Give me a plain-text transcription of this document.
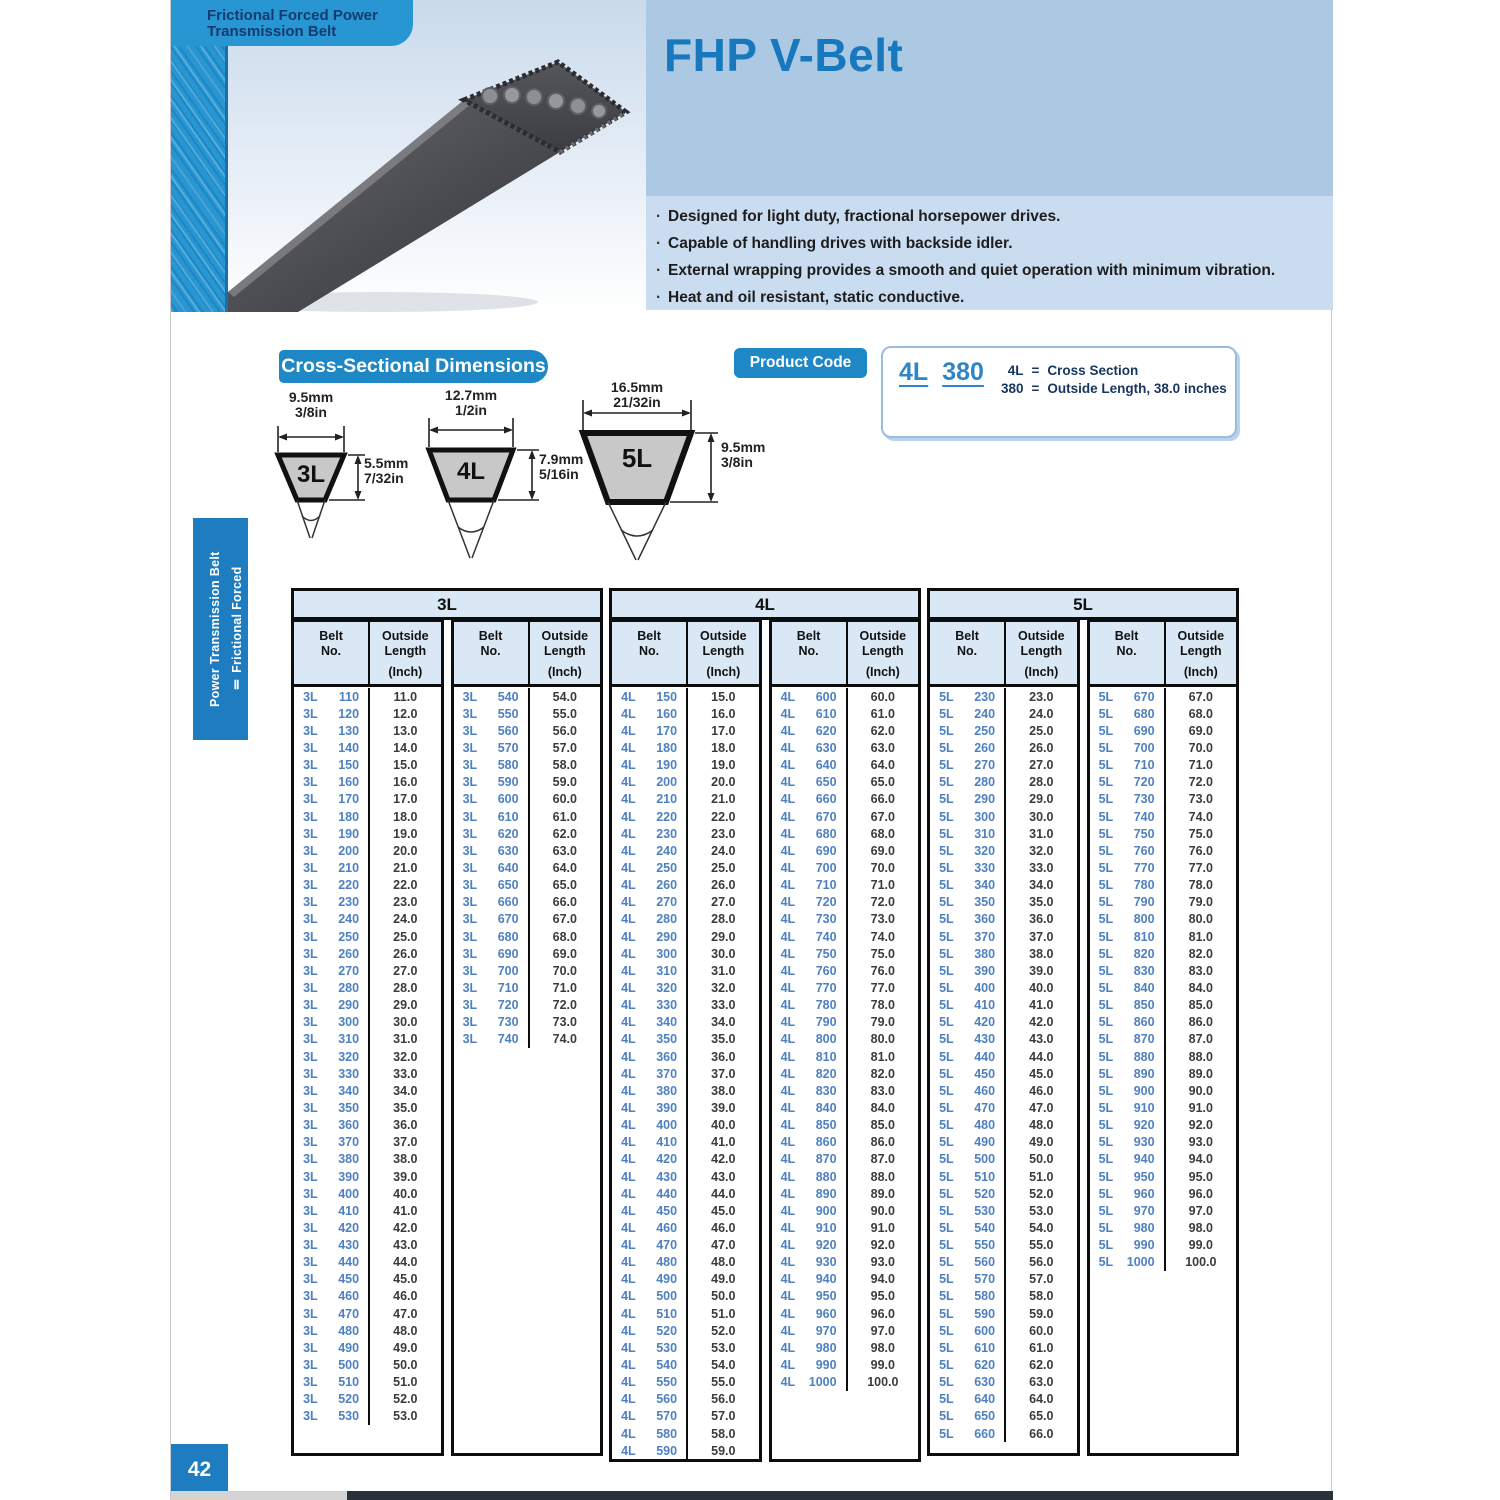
Frictional Forced Power
Transmission Belt	FHP V-Belt
· Designed for light duty, fractional horsepower drives.
· Capable of handling drives with backside idler.
· External wrapping provides a smooth and quiet operation with minimum vibration.
· Heat and oil resistant, static conductive.
Cross-Sectional Dimensions	Product Code	4L 380	4L = Cross Section
380 = Outside Length, 38.0 inches
9.5mm
3/8in
5.5mm
7/32in
3L
12.7mm
1/2in
7.9mm
5/16in
4L
16.5mm
21/32in
9.5mm
3/8in
5L
3L
Belt
No.
Outside
Length
(Inch)
3L	110	11.0
3L	120	12.0
3L	130	13.0
3L	140	14.0
3L	150	15.0
3L	160	16.0
3L	170	17.0
3L	180	18.0
3L	190	19.0
3L	200	20.0
3L	210	21.0
3L	220	22.0
3L	230	23.0
3L	240	24.0
3L	250	25.0
3L	260	26.0
3L	270	27.0
3L	280	28.0
3L	290	29.0
3L	300	30.0
3L	310	31.0
3L	320	32.0
3L	330	33.0
3L	340	34.0
3L	350	35.0
3L	360	36.0
3L	370	37.0
3L	380	38.0
3L	390	39.0
3L	400	40.0
3L	410	41.0
3L	420	42.0
3L	430	43.0
3L	440	44.0
3L	450	45.0
3L	460	46.0
3L	470	47.0
3L	480	48.0
3L	490	49.0
3L	500	50.0
3L	510	51.0
3L	520	52.0
3L	530	53.0
Belt
No.
Outside
Length
(Inch)
3L	540	54.0
3L	550	55.0
3L	560	56.0
3L	570	57.0
3L	580	58.0
3L	590	59.0
3L	600	60.0
3L	610	61.0
3L	620	62.0
3L	630	63.0
3L	640	64.0
3L	650	65.0
3L	660	66.0
3L	670	67.0
3L	680	68.0
3L	690	69.0
3L	700	70.0
3L	710	71.0
3L	720	72.0
3L	730	73.0
3L	740	74.0
4L
Belt
No.
Outside
Length
(Inch)
4L	150	15.0
4L	160	16.0
4L	170	17.0
4L	180	18.0
4L	190	19.0
4L	200	20.0
4L	210	21.0
4L	220	22.0
4L	230	23.0
4L	240	24.0
4L	250	25.0
4L	260	26.0
4L	270	27.0
4L	280	28.0
4L	290	29.0
4L	300	30.0
4L	310	31.0
4L	320	32.0
4L	330	33.0
4L	340	34.0
4L	350	35.0
4L	360	36.0
4L	370	37.0
4L	380	38.0
4L	390	39.0
4L	400	40.0
4L	410	41.0
4L	420	42.0
4L	430	43.0
4L	440	44.0
4L	450	45.0
4L	460	46.0
4L	470	47.0
4L	480	48.0
4L	490	49.0
4L	500	50.0
4L	510	51.0
4L	520	52.0
4L	530	53.0
4L	540	54.0
4L	550	55.0
4L	560	56.0
4L	570	57.0
4L	580	58.0
4L	590	59.0
Belt
No.
Outside
Length
(Inch)
4L	600	60.0
4L	610	61.0
4L	620	62.0
4L	630	63.0
4L	640	64.0
4L	650	65.0
4L	660	66.0
4L	670	67.0
4L	680	68.0
4L	690	69.0
4L	700	70.0
4L	710	71.0
4L	720	72.0
4L	730	73.0
4L	740	74.0
4L	750	75.0
4L	760	76.0
4L	770	77.0
4L	780	78.0
4L	790	79.0
4L	800	80.0
4L	810	81.0
4L	820	82.0
4L	830	83.0
4L	840	84.0
4L	850	85.0
4L	860	86.0
4L	870	87.0
4L	880	88.0
4L	890	89.0
4L	900	90.0
4L	910	91.0
4L	920	92.0
4L	930	93.0
4L	940	94.0
4L	950	95.0
4L	960	96.0
4L	970	97.0
4L	980	98.0
4L	990	99.0
4L	1000	100.0
5L
Belt
No.
Outside
Length
(Inch)
5L	230	23.0
5L	240	24.0
5L	250	25.0
5L	260	26.0
5L	270	27.0
5L	280	28.0
5L	290	29.0
5L	300	30.0
5L	310	31.0
5L	320	32.0
5L	330	33.0
5L	340	34.0
5L	350	35.0
5L	360	36.0
5L	370	37.0
5L	380	38.0
5L	390	39.0
5L	400	40.0
5L	410	41.0
5L	420	42.0
5L	430	43.0
5L	440	44.0
5L	450	45.0
5L	460	46.0
5L	470	47.0
5L	480	48.0
5L	490	49.0
5L	500	50.0
5L	510	51.0
5L	520	52.0
5L	530	53.0
5L	540	54.0
5L	550	55.0
5L	560	56.0
5L	570	57.0
5L	580	58.0
5L	590	59.0
5L	600	60.0
5L	610	61.0
5L	620	62.0
5L	630	63.0
5L	640	64.0
5L	650	65.0
5L	660	66.0
Belt
No.
Outside
Length
(Inch)
5L	670	67.0
5L	680	68.0
5L	690	69.0
5L	700	70.0
5L	710	71.0
5L	720	72.0
5L	730	73.0
5L	740	74.0
5L	750	75.0
5L	760	76.0
5L	770	77.0
5L	780	78.0
5L	790	79.0
5L	800	80.0
5L	810	81.0
5L	820	82.0
5L	830	83.0
5L	840	84.0
5L	850	85.0
5L	860	86.0
5L	870	87.0
5L	880	88.0
5L	890	89.0
5L	900	90.0
5L	910	91.0
5L	920	92.0
5L	930	93.0
5L	940	94.0
5L	950	95.0
5L	960	96.0
5L	970	97.0
5L	980	98.0
5L	990	99.0
5L	1000	100.0
Ⅱ Frictional Forced
Power Transmission Belt
42
